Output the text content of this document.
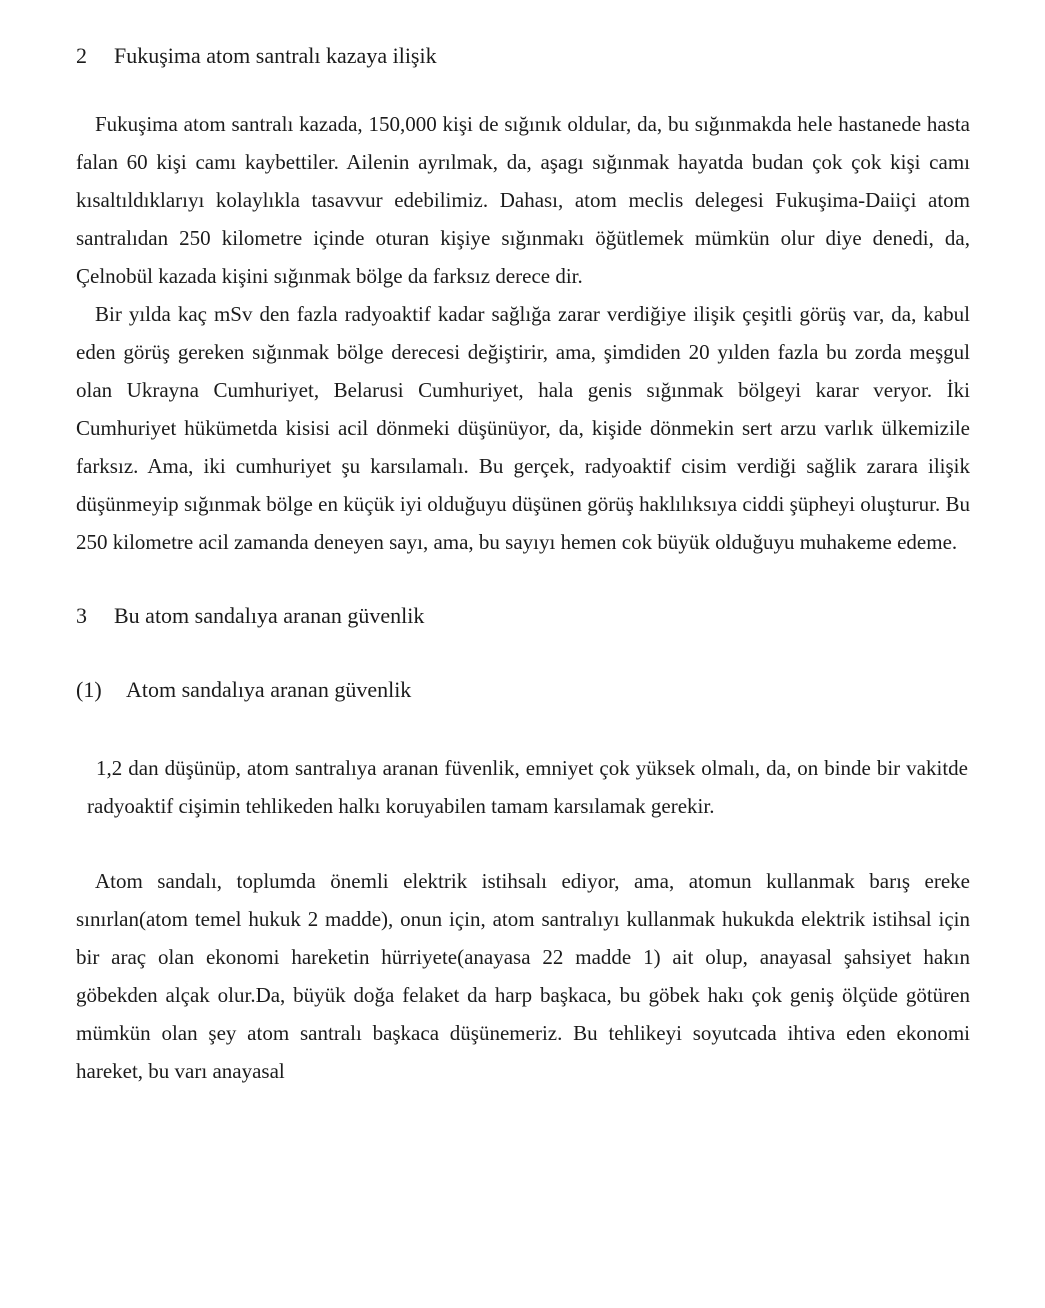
2 Fukuşima atom santralı kazaya ilişik
Fukuşima atom santralı kazada, 150,000 kişi de sığınık oldular, da, bu sığınmakda hele hastanede hasta falan 60 kişi camı kaybettiler. Ailenin ayrılmak, da, aşagı sığınmak hayatda budan çok çok kişi camı kısaltıldıklarıyı kolaylıkla tasavvur edebilimiz. Dahası, atom meclis delegesi Fukuşima-Daiiçi atom santralıdan 250 kilometre içinde oturan kişiye sığınmakı öğütlemek mümkün olur diye denedi, da, Çelnobül kazada kişini sığınmak bölge da farksız derece dir.
Bir yılda kaç mSv den fazla radyoaktif kadar sağlığa zarar verdiğiye ilişik çeşitli görüş var, da, kabul eden görüş gereken sığınmak bölge derecesi değiştirir, ama, şimdiden 20 yılden fazla bu zorda meşgul olan Ukrayna Cumhuriyet, Belarusi Cumhuriyet, hala genis sığınmak bölgeyi karar veryor. İki Cumhuriyet hükümetda kisisi acil dönmeki düşünüyor, da, kişide dönmekin sert arzu varlık ülkemizile farksız. Ama, iki cumhuriyet şu karsılamalı. Bu gerçek, radyoaktif cisim verdiği sağlik zarara ilişik düşünmeyip sığınmak bölge en küçük iyi olduğuyu düşünen görüş haklılıksıya ciddi şüpheyi oluşturur. Bu 250 kilometre acil zamanda deneyen sayı, ama, bu sayıyı hemen cok büyük olduğuyu muhakeme edeme.
3 Bu atom sandalıya aranan güvenlik
(1) Atom sandalıya aranan güvenlik
1,2 dan düşünüp, atom santralıya aranan füvenlik, emniyet çok yüksek olmalı, da, on binde bir vakitde radyoaktif cişimin tehlikeden halkı koruyabilen tamam karsılamak gerekir.
Atom sandalı, toplumda önemli elektrik istihsalı ediyor, ama, atomun kullanmak barış ereke sınırlan(atom temel hukuk 2 madde), onun için, atom santralıyı kullanmak hukukda elektrik istihsal için bir araç olan ekonomi hareketin hürriyete(anayasa 22 madde 1) ait olup, anayasal şahsiyet hakın göbekden alçak olur.Da, büyük doğa felaket da harp başkaca, bu göbek hakı çok geniş ölçüde götüren mümkün olan şey atom santralı başkaca düşünemeriz. Bu tehlikeyi soyutcada ihtiva eden ekonomi hareket, bu varı anayasal
